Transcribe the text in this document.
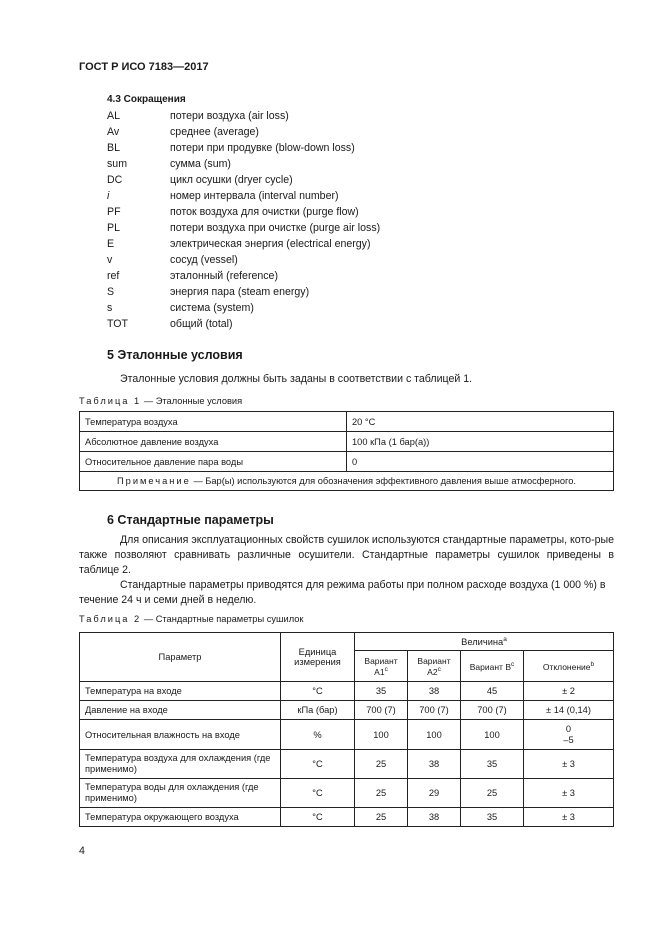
ГОСТ Р ИСО 7183—2017
4.3 Сокращения
AL	потери воздуха (air loss)
Av	среднее (average)
BL	потери при продувке (blow-down loss)
sum	сумма (sum)
DC	цикл осушки (dryer cycle)
i	номер интервала (interval number)
PF	поток воздуха для очистки (purge flow)
PL	потери воздуха при очистке (purge air loss)
E	электрическая энергия (electrical energy)
v	сосуд (vessel)
ref	эталонный (reference)
S	энергия пара (steam energy)
s	система (system)
TOT	общий (total)
5 Эталонные условия
Эталонные условия должны быть заданы в соответствии с таблицей 1.
Таблица 1 — Эталонные условия
Температура воздуха	20 °С
Абсолютное давление воздуха	100 кПа (1 бар(а))
Относительное давление пара воды	0
Примечание — Бар(ы) используются для обозначения эффективного давления выше атмосферного.	
6 Стандартные параметры
Для описания эксплуатационных свойств сушилок используются стандартные параметры, кото-рые также позволяют сравнивать различные осушители. Стандартные параметры сушилок приведены в таблице 2.
Стандартные параметры приводятся для режима работы при полном расходе воздуха (1 000 %) в течение 24 ч и семи дней в неделю.
Таблица 2 — Стандартные параметры сушилок
Параметр	Единица измерения	Величина$^a$
		Вариант А1$^c$	Вариант А2$^c$	Вариант $В^c$	Отклонение$^b$
Температура на входе	°С	35	38	45	± 2
Давление на входе	кПа (бар)	700 (7)	700 (7)	700 (7)	± 14 (0,14)
Относительная влажность на входе	%	100	100	100	0
–5

Температура воздуха для охлаждения (где применимо)	°С	25	38	35	± 3
Температура воды для охлаждения (где применимо)	°С	25	29	25	± 3
Температура окружающего воздуха	°С	25	38	35	± 3
4
